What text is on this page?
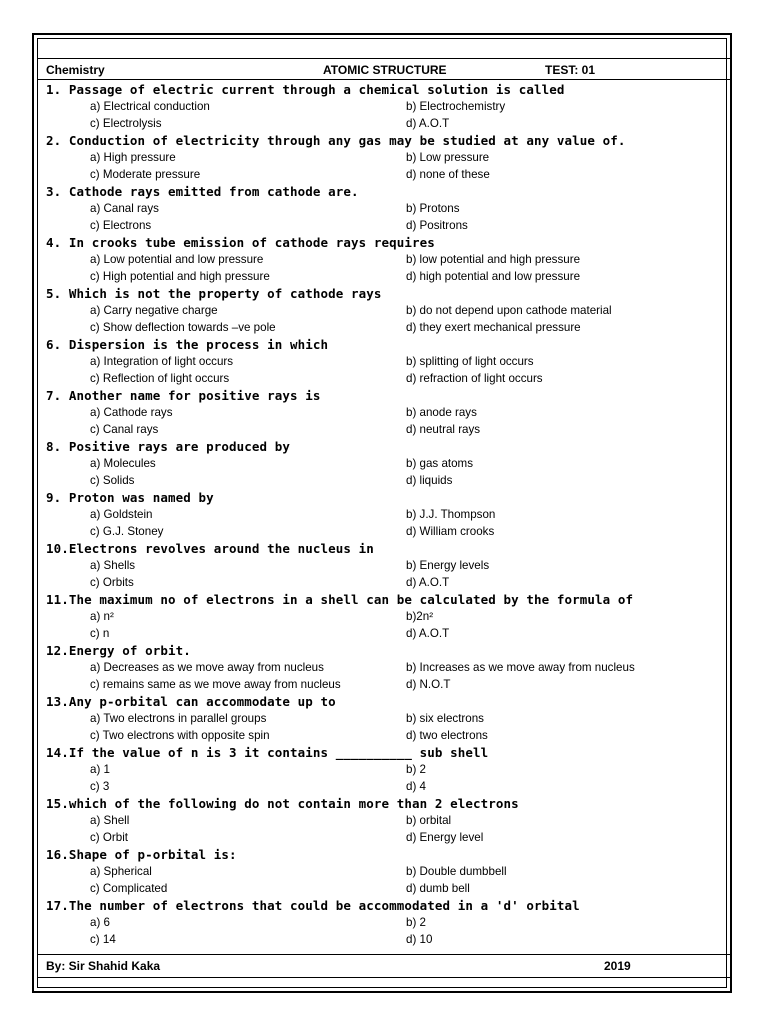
Chemistry	ATOMIC STRUCTURE	TEST: 01
1. Passage of electric current through a chemical solution is called
a) Electrical conduction	b) Electrochemistry
c) Electrolysis	d) A.O.T
2. Conduction of electricity through any gas may be studied at any value of.
a) High pressure	b) Low pressure
c) Moderate pressure	d) none of these
3. Cathode rays emitted from cathode are.
a) Canal rays	b) Protons
c) Electrons	d) Positrons
4. In crooks tube emission of cathode rays requires
a) Low potential and low pressure	b) low potential and high pressure
c) High potential and high pressure	d) high potential and low pressure
5. Which is not the property of cathode rays
a) Carry negative charge	b) do not depend upon cathode material
c) Show deflection towards –ve pole	d) they exert mechanical pressure
6. Dispersion is the process in which
a) Integration of light occurs	b) splitting of light occurs
c) Reflection of light occurs	d) refraction of light occurs
7. Another name for positive rays is
a) Cathode rays	b) anode rays
c) Canal rays	d) neutral rays
8. Positive rays are produced by
a) Molecules	b) gas atoms
c) Solids	d) liquids
9. Proton was named by
a) Goldstein	b) J.J. Thompson
c) G.J. Stoney	d) William crooks
10.Electrons revolves around the nucleus in
a) Shells	b) Energy levels
c) Orbits	d) A.O.T
11.The maximum no of electrons in a shell can be calculated by the formula of
a) n²	b)2n²
c) n	d) A.O.T
12.Energy of orbit.
a) Decreases as we move away from nucleus	b) Increases as we move away from nucleus
c) remains same as we move away from nucleus	d) N.O.T
13.Any p-orbital can accommodate up to
a) Two electrons in parallel groups	b) six electrons
c) Two electrons with opposite spin	d) two electrons
14.If the value of n is 3 it contains __________ sub shell
a) 1	b) 2
c) 3	d) 4
15.which of the following do not contain more than 2 electrons
a) Shell	b) orbital
c) Orbit	d) Energy level
16.Shape of p-orbital is:
a) Spherical	b) Double dumbbell
c) Complicated	d) dumb bell
17.The number of electrons that could be accommodated in a 'd' orbital
a) 6	b) 2
c) 14	d) 10
By: Sir Shahid Kaka	2019
